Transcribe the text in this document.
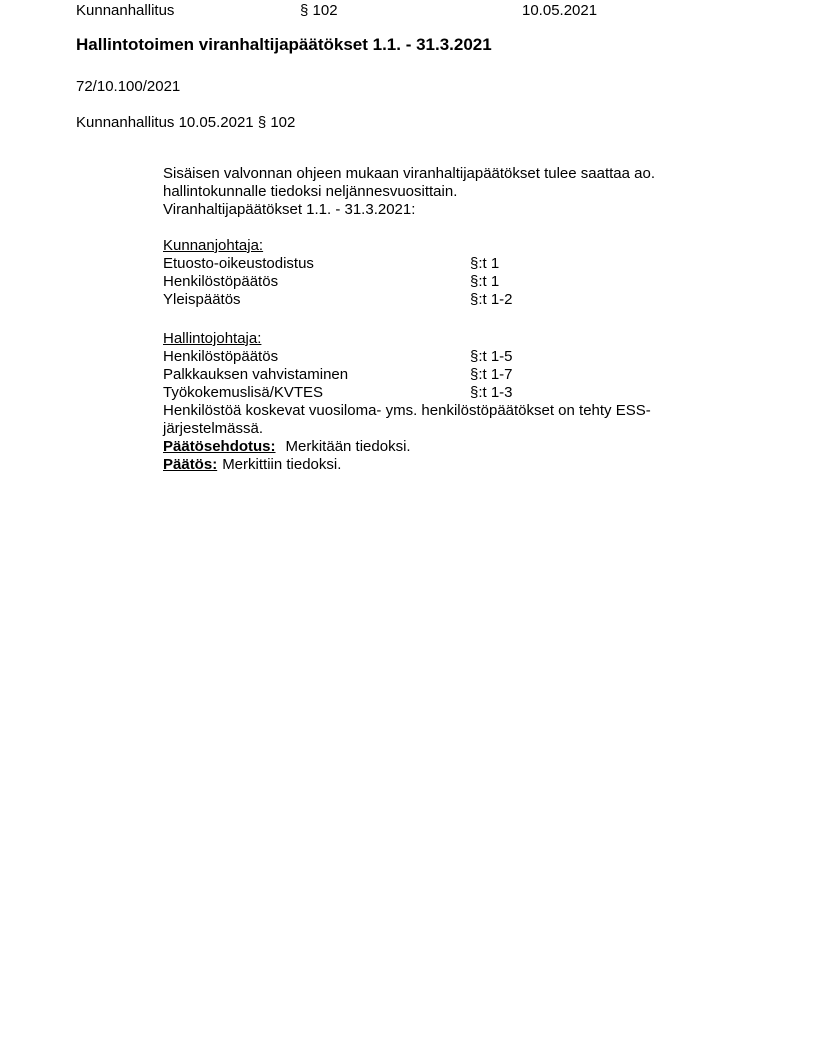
Kunnanhallitus	§ 102	10.05.2021
Hallintotoimen viranhaltijapäätökset 1.1. - 31.3.2021
72/10.100/2021
Kunnanhallitus 10.05.2021 § 102

Sisäisen valvonnan ohjeen mukaan viranhaltijapäätökset tulee saattaa ao. hallintokunnalle tiedoksi neljännesvuosittain.

Viranhaltijapäätökset 1.1. - 31.3.2021:

Kunnanjohtaja:
Etuosto-oikeustodistus	§:t 1
Henkilöstöpäätös	§:t 1
Yleispäätös	§:t 1-2
Hallintojohtaja:
Henkilöstöpäätös	§:t 1-5
Palkkauksen vahvistaminen	§:t 1-7
Työkokemuslisä/KVTES	§:t 1-3

Henkilöstöä koskevat vuosiloma- yms. henkilöstöpäätökset on tehty ESS-järjestelmässä.

Päätösehdotus: Merkitään tiedoksi.

Päätös: Merkittiin tiedoksi.
